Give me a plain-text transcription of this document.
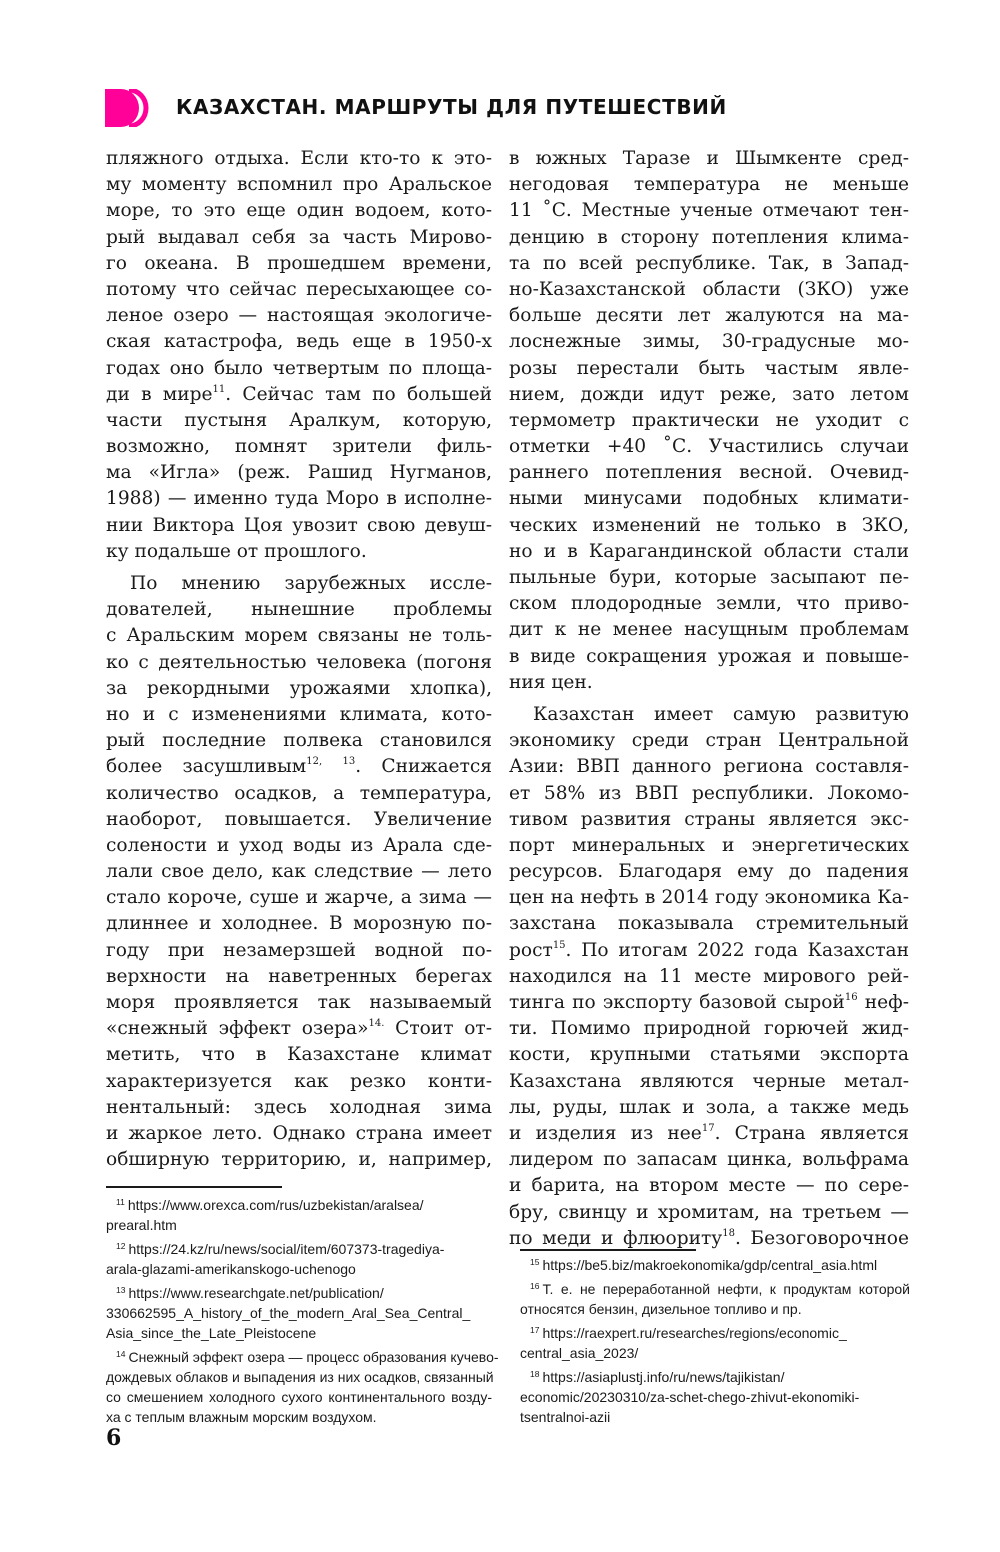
КАЗАХСТАН. МАРШРУТЫ ДЛЯ ПУТЕШЕСТВИЙ
пляжного отдыха. Если кто-то к это-
му моменту вспомнил про Аральское
море, то это еще один водоем, кото-
рый выдавал себя за часть Мирово-
го океана. В прошедшем времени,
потому что сейчас пересыхающее со-
леное озеро — настоящая экологиче-
ская катастрофа, ведь еще в 1950-х
годах оно было четвертым по площа-
ди в мире$^{11}$. Сейчас там по большей
части пустыня Аралкум, которую,
возможно, помнят зрители филь-
ма «Игла» (реж. Рашид Нугманов,
1988) — именно туда Моро в исполне-
нии Виктора Цоя увозит свою девуш-
ку подальше от прошлого.
По мнению зарубежных иссле-
дователей, нынешние проблемы
с Аральским морем связаны не толь-
ко с деятельностью человека (погоня
за рекордными урожаями хлопка),
но и с изменениями климата, кото-
рый последние полвека становился
более засушливым$^{12,}$ $^{13}$. Снижается
количество осадков, а температура,
наоборот, повышается. Увеличение
солености и уход воды из Арала сде-
лали свое дело, как следствие — лето
стало короче, суше и жарче, а зима —
длиннее и холоднее. В морозную по-
году при незамерзшей водной по-
верхности на наветренных берегах
моря проявляется так называемый
«снежный эффект озера»$^{14.}$ Стоит от-
метить, что в Казахстане климат
характеризуется как резко конти-
нентальный: здесь холодная зима
и жаркое лето. Однако страна имеет
обширную территорию, и, например,
в южных Таразе и Шымкенте сред-
негодовая температура не меньше
11 ˚С. Местные ученые отмечают тен-
денцию в сторону потепления клима-
та по всей республике. Так, в Запад-
но-Казахстанской области (ЗКО) уже
больше десяти лет жалуются на ма-
лоснежные зимы, 30-градусные мо-
розы перестали быть частым явле-
нием, дожди идут реже, зато летом
термометр практически не уходит с
отметки +40 ˚С. Участились случаи
раннего потепления весной. Очевид-
ными минусами подобных климати-
ческих изменений не только в ЗКО,
но и в Карагандинской области стали
пыльные бури, которые засыпают пе-
ском плодородные земли, что приво-
дит к не менее насущным проблемам
в виде сокращения урожая и повыше-
ния цен.
Казахстан имеет самую развитую
экономику среди стран Центральной
Азии: ВВП данного региона составля-
ет 58% из ВВП республики. Локомо-
тивом развития страны является экс-
порт минеральных и энергетических
ресурсов. Благодаря ему до падения
цен на нефть в 2014 году экономика Ка-
захстана показывала стремительный
рост$^{15}$. По итогам 2022 года Казахстан
находился на 11 месте мирового рей-
тинга по экспорту базовой сырой$^{16}$ неф-
ти. Помимо природной горючей жид-
кости, крупными статьями экспорта
Казахстана являются черные метал-
лы, руды, шлак и зола, а также медь
и изделия из нее$^{17}$. Страна является
лидером по запасам цинка, вольфрама
и барита, на втором месте — по сере-
бру, свинцу и хромитам, на третьем —
по меди и флюориту$^{18}$. Безоговорочное
$^{11}$ https://www.orexca.com/rus/uzbekistan/aralsea/
prearal.htm
$^{12}$ https://24.kz/ru/news/social/item/607373-tragediya-
arala-glazami-amerikanskogo-uchenogo
$^{13}$ https://www.researchgate.net/publication/
330662595_A_history_of_the_modern_Aral_Sea_Central_
Asia_since_the_Late_Pleistocene
$^{14}$ Снежный эффект озера — процесс образования кучево-
дождевых облаков и выпадения из них осадков, связанный
со смешением холодного сухого континентального возду-
ха с теплым влажным морским воздухом.
$^{15}$ https://be5.biz/makroekonomika/gdp/central_asia.html
$^{16}$ Т. е. не переработанной нефти, к продуктам которой
относятся бензин, дизельное топливо и пр.
$^{17}$ https://raexpert.ru/researches/regions/economic_
central_asia_2023/
$^{18}$ https://asiaplustj.info/ru/news/tajikistan/
economic/20230310/za-schet-chego-zhivut-ekonomiki-
tsentralnoi-azii
6
